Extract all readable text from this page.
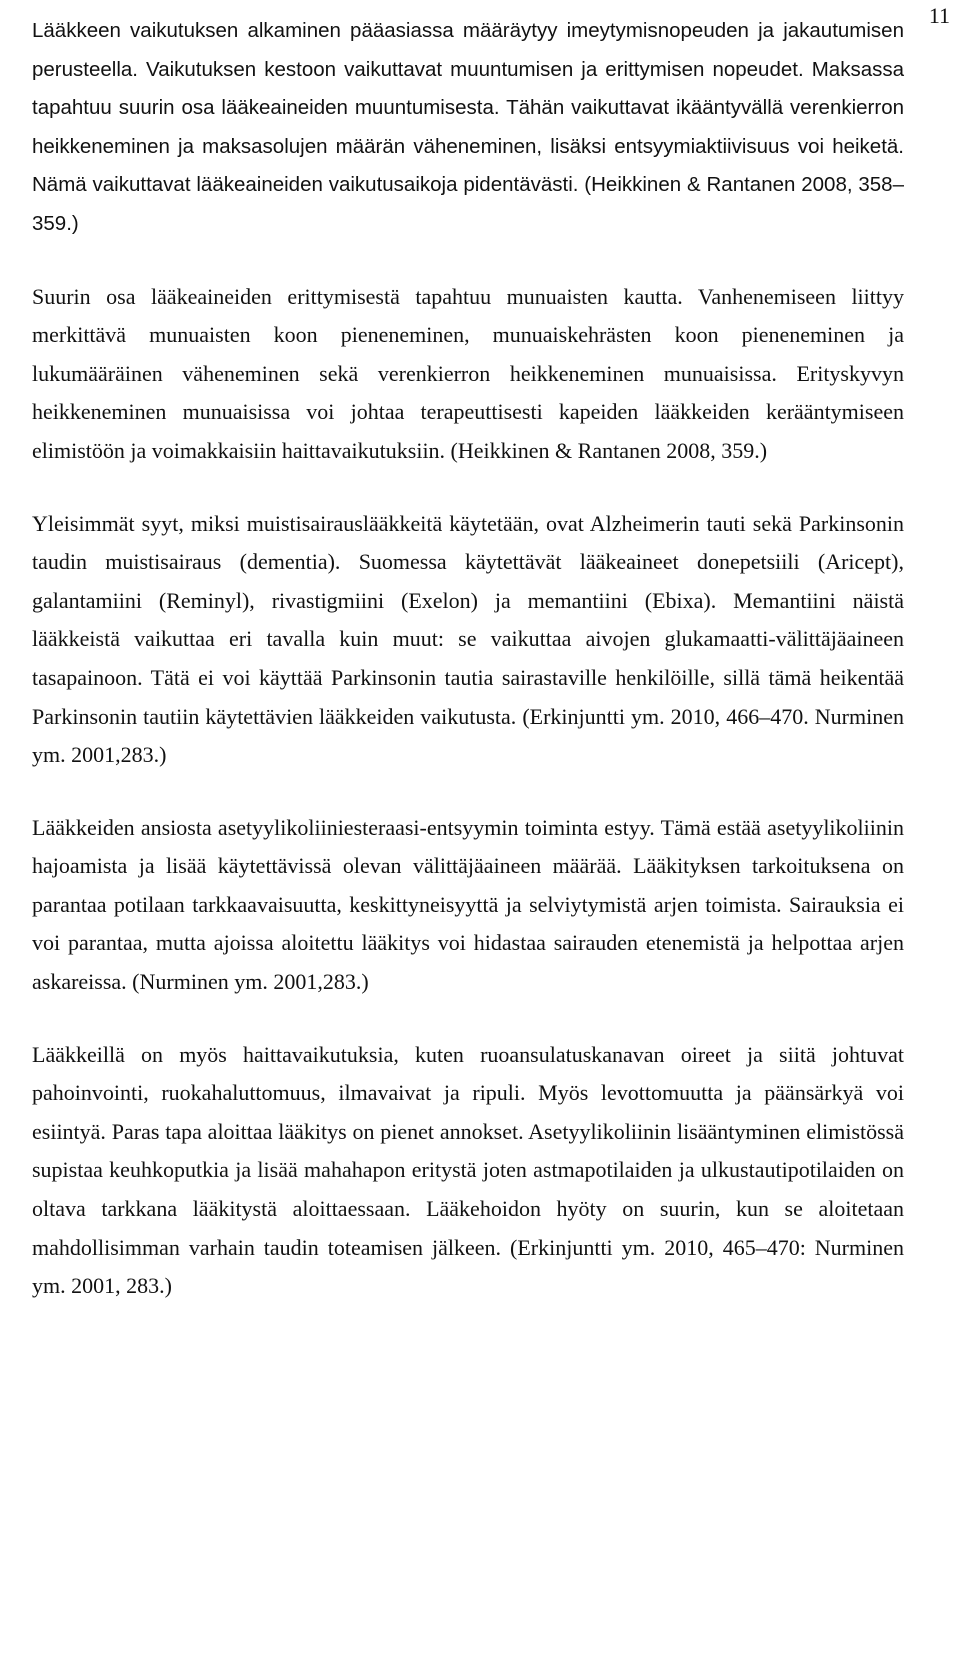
11

Lääkkeen vaikutuksen alkaminen pääasiassa määräytyy imeytymisnopeuden ja jakautumisen perusteella. Vaikutuksen kestoon vaikuttavat muuntumisen ja erittymisen nopeudet. Maksassa tapahtuu suurin osa lääkeaineiden muuntumisesta. Tähän vaikuttavat ikääntyvällä verenkierron heikkeneminen ja maksasolujen määrän väheneminen, lisäksi entsyymiaktiivisuus voi heiketä. Nämä vaikuttavat lääkeaineiden vaikutusaikoja pidentävästi. (Heikkinen & Rantanen 2008, 358–359.)

Suurin osa lääkeaineiden erittymisestä tapahtuu munuaisten kautta. Vanhenemiseen liittyy merkittävä munuaisten koon pieneneminen, munuaiskehrästen koon pieneneminen ja lukumääräinen väheneminen sekä verenkierron heikkeneminen munuaisissa. Erityskyvyn heikkeneminen munuaisissa voi johtaa terapeuttisesti kapeiden lääkkeiden kerääntymiseen elimistöön ja voimakkaisiin haittavaikutuksiin. (Heikkinen & Rantanen 2008, 359.)

Yleisimmät syyt, miksi muistisairauslääkkeitä käytetään, ovat Alzheimerin tauti sekä Parkinsonin taudin muistisairaus (dementia). Suomessa käytettävät lääkeaineet donepetsiili (Aricept), galantamiini (Reminyl), rivastigmiini (Exelon) ja memantiini (Ebixa). Memantiini näistä lääkkeistä vaikuttaa eri tavalla kuin muut: se vaikuttaa aivojen glukamaatti-välittäjäaineen tasapainoon. Tätä ei voi käyttää Parkinsonin tautia sairastaville henkilöille, sillä tämä heikentää Parkinsonin tautiin käytettävien lääkkeiden vaikutusta. (Erkinjuntti ym. 2010, 466–470. Nurminen ym. 2001,283.)

Lääkkeiden ansiosta asetyylikoliiniesteraasi-entsyymin toiminta estyy. Tämä estää asetyylikoliinin hajoamista ja lisää käytettävissä olevan välittäjäaineen määrää. Lääkityksen tarkoituksena on parantaa potilaan tarkkaavaisuutta, keskittyneisyyttä ja selviytymistä arjen toimista. Sairauksia ei voi parantaa, mutta ajoissa aloitettu lääkitys voi hidastaa sairauden etenemistä ja helpottaa arjen askareissa. (Nurminen ym. 2001,283.)

Lääkkeillä on myös haittavaikutuksia, kuten ruoansulatuskanavan oireet ja siitä johtuvat pahoinvointi, ruokahaluttomuus, ilmavaivat ja ripuli. Myös levottomuutta ja päänsärkyä voi esiintyä. Paras tapa aloittaa lääkitys on pienet annokset. Asetyylikoliinin lisääntyminen elimistössä supistaa keuhkoputkia ja lisää mahahapon eritystä joten astmapotilaiden ja ulkustautipotilaiden on oltava tarkkana lääkitystä aloittaessaan. Lääkehoidon hyöty on suurin, kun se aloitetaan mahdollisimman varhain taudin toteamisen jälkeen. (Erkinjuntti ym. 2010, 465–470: Nurminen ym. 2001, 283.)
